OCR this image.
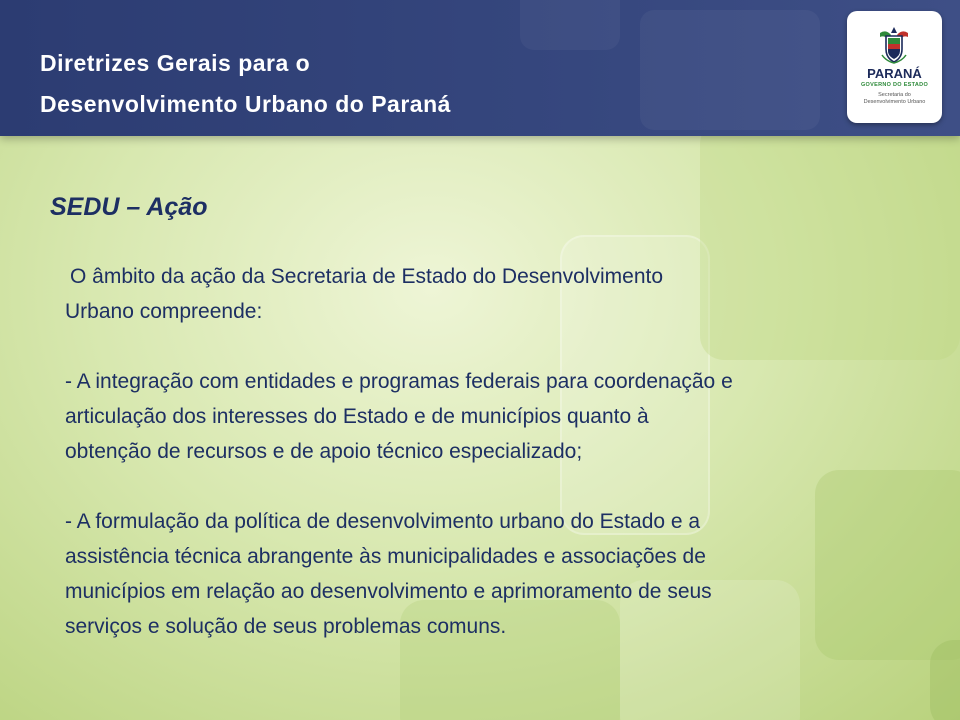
Diretrizes Gerais para o
Desenvolvimento Urbano do Paraná
PARANÁ
GOVERNO DO ESTADO
Secretaria do
Desenvolvimento Urbano
SEDU – Ação

O âmbito da ação da Secretaria de Estado do Desenvolvimento

Urbano compreende:

- A integração com entidades e programas federais para coordenação e

articulação dos interesses do Estado e de municípios quanto à

obtenção de recursos e de apoio técnico especializado;

- A formulação da política de desenvolvimento urbano do Estado e a

assistência técnica abrangente às municipalidades e associações de

municípios em relação ao desenvolvimento e aprimoramento de seus

serviços e solução de seus problemas comuns.
